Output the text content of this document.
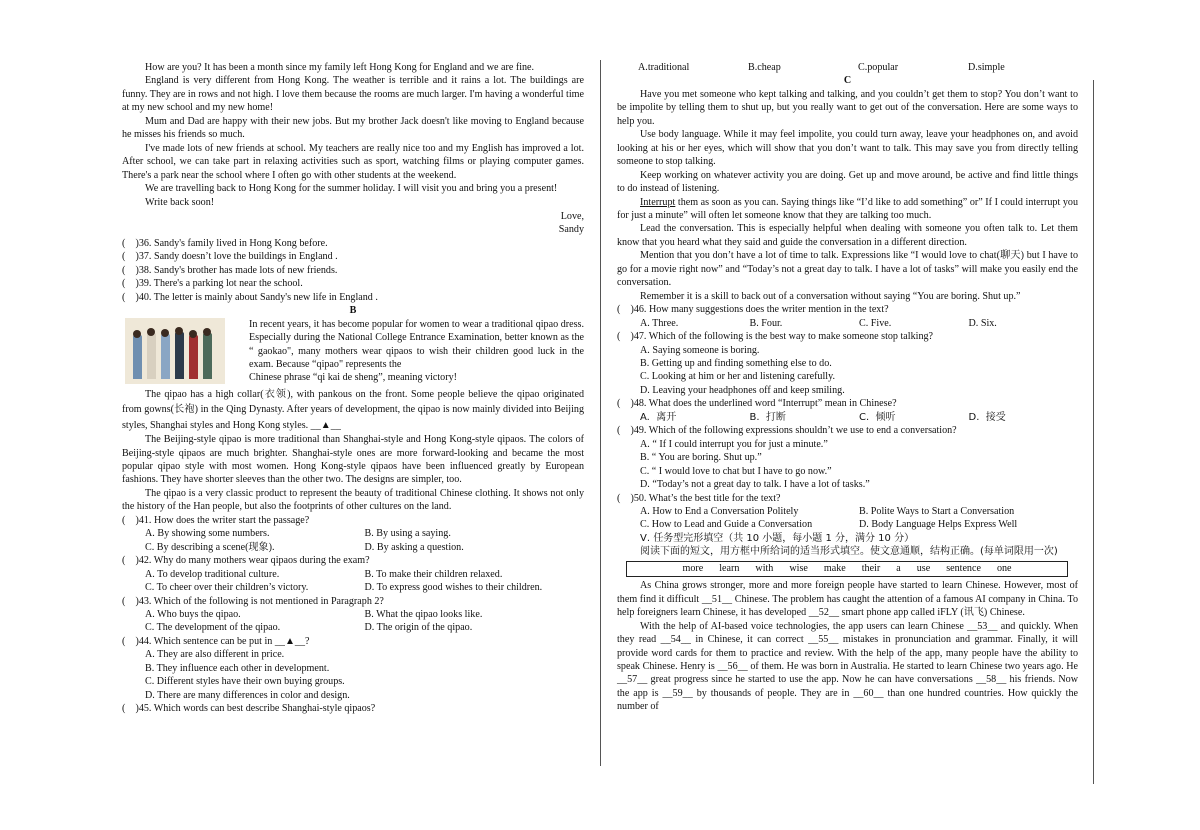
How are you? It has been a month since my family left Hong Kong for England and we are fine.

England is very different from Hong Kong. The weather is terrible and it rains a lot. The buildings are funny. They are in rows and not high. I love them because the rooms are much larger. I'm having a wonderful time at my new school and my new home!

Mum and Dad are happy with their new jobs. But my brother Jack doesn't like moving to England because he misses his friends so much.

I've made lots of new friends at school. My teachers are really nice too and my English has improved a lot. After school, we can take part in relaxing activities such as sport, watching films or playing computer games. There's a park near the school where I often go with other students at the weekend.

We are travelling back to Hong Kong for the summer holiday. I will visit you and bring you a present!

Write back soon!

Love,

Sandy

(    )36. Sandy's family lived in Hong Kong before.

(    )37. Sandy doesn’t love the buildings in England .

(    )38. Sandy's brother has made lots of new friends.

(    )39. There's a parking lot near the school.

(    )40. The letter is mainly about Sandy's new life in England .

B

In recent years, it has become popular for women to wear a traditional qipao dress. Especially during the National College Entrance Examination, better known as the “ gaokao", many mothers wear qipaos to wish their children good luck in the exam. Because “qipao" represents the

Chinese phrase “qi kai de sheng”, meaning victory!

The qipao has a high collar(衣领), with pankous on the front. Some people believe the qipao originated from gowns(长袍) in the Qing Dynasty. After years of development, the qipao is now mainly divided into Beijing styles, Shanghai styles and Hong Kong styles. __▲__

The Beijing-style qipao is more traditional than Shanghai-style and Hong Kong-style qipaos. The colors of Beijing-style qipaos are much brighter. Shanghai-style ones are more forward-looking and became the most popular qipao style with most women. Hong Kong-style qipaos have been influenced greatly by European fashions. They have shorter sleeves than the other two. The designs are simpler, too.

The qipao is a very classic product to represent the beauty of traditional Chinese clothing. It shows not only the history of the Han people, but also the footprints of other cultures on the land.

(    )41. How does the writer start the passage?

A. By showing some numbers.	B. By using a saying.
C. By describing a scene(现象).	D. By asking a question.

(    )42. Why do many mothers wear qipaos during the exam?

A. To develop traditional culture.	B. To make their children relaxed.
C. To cheer over their children’s victory.	D. To express good wishes to their children.

(    )43. Which of the following is not mentioned in Paragraph 2?

A. Who buys the qipao.	B. What the qipao looks like.
C. The development of the qipao.	D. The origin of the qipao.

(    )44. Which sentence can be put in __▲__?

A. They are also different in price.

B. They influence each other in development.

C. Different styles have their own buying groups.

D. There are many differences in color and design.

(    )45. Which words can best describe Shanghai-style qipaos?

A.traditional	B.cheap	C.popular	D.simple

C

Have you met someone who kept talking and talking, and you couldn’t get them to stop? You don’t want to be impolite by telling them to shut up, but you really want to get out of the conversation. Here are some ways to help you.

Use body language. While it may feel impolite, you could turn away, leave your headphones on, and avoid looking at his or her eyes, which will show that you don’t want to talk. This may save you from directly telling someone to stop talking.

Keep working on whatever activity you are doing. Get up and move around, be active and find little things to do instead of listening.

Interrupt them as soon as you can. Saying things like “I’d like to add something” or” If I could interrupt you for just a minute” will often let someone know that they are talking too much.

Lead the conversation. This is especially helpful when dealing with someone you often talk to. Let them know that you heard what they said and guide the conversation in a different direction.

Mention that you don’t have a lot of time to talk. Expressions like “I would love to chat(聊天) but I have to go for a movie right now” and “Today’s not a great day to talk. I have a lot of tasks” will make you easily end the conversation.

Remember it is a skill to back out of a conversation without saying “You are boring. Shut up.”

(    )46. How many suggestions does the writer mention in the text?

A. Three.	B. Four.	C. Five.	D. Six.

(    )47. Which of the following is the best way to make someone stop talking?

A. Saying someone is boring.

B. Getting up and finding something else to do.

C. Looking at him or her and listening carefully.

D. Leaving your headphones off and keep smiling.

(    )48. What does the underlined word “Interrupt” mean in Chinese?

A.  离开	B.  打断	C.  倾听	D.  接受

(    )49. Which of the following expressions shouldn’t we use to end a conversation?

A. “ If I could interrupt you for just a minute.”

B. “ You are boring. Shut up.”

C. “ I would love to chat but I have to go now.”

D. “Today’s not a great day to talk. I have a lot of tasks.”

(    )50. What’s the best title for the text?

A. How to End a Conversation Politely	B. Polite Ways to Start a Conversation
C. How to Lead and Guide a Conversation	D. Body Language Helps Express Well

Ⅴ. 任务型完形填空（共 10 小题，每小题 1 分，满分 10 分）

阅读下面的短文，用方框中所给词的适当形式填空。使文意通顺，结构正确。(每单词限用一次)

more	learn	with	wise	make	their	a	use	sentence	one

As China grows stronger, more and more foreign people have started to learn Chinese. However, most of them find it difficult __51__ Chinese. The problem has caught the attention of a famous AI company in China. To help foreigners learn Chinese, it has developed __52__ smart phone app called iFLY (讯飞) Chinese.

With the help of AI-based voice technologies, the app users can learn Chinese __53__ and quickly. When they read __54__ in Chinese, it can correct __55__ mistakes in pronunciation and grammar. Finally, it will provide word cards for them to practice and review. With the help of the app, many people have the ability to speak Chinese. Henry is __56__ of them. He was born in Australia. He started to learn Chinese two years ago. He __57__ great progress since he started to use the app. Now he can have conversations __58__ his friends. Now the app is __59__ by thousands of people. They are in __60__ than one hundred countries. How quickly the number of
